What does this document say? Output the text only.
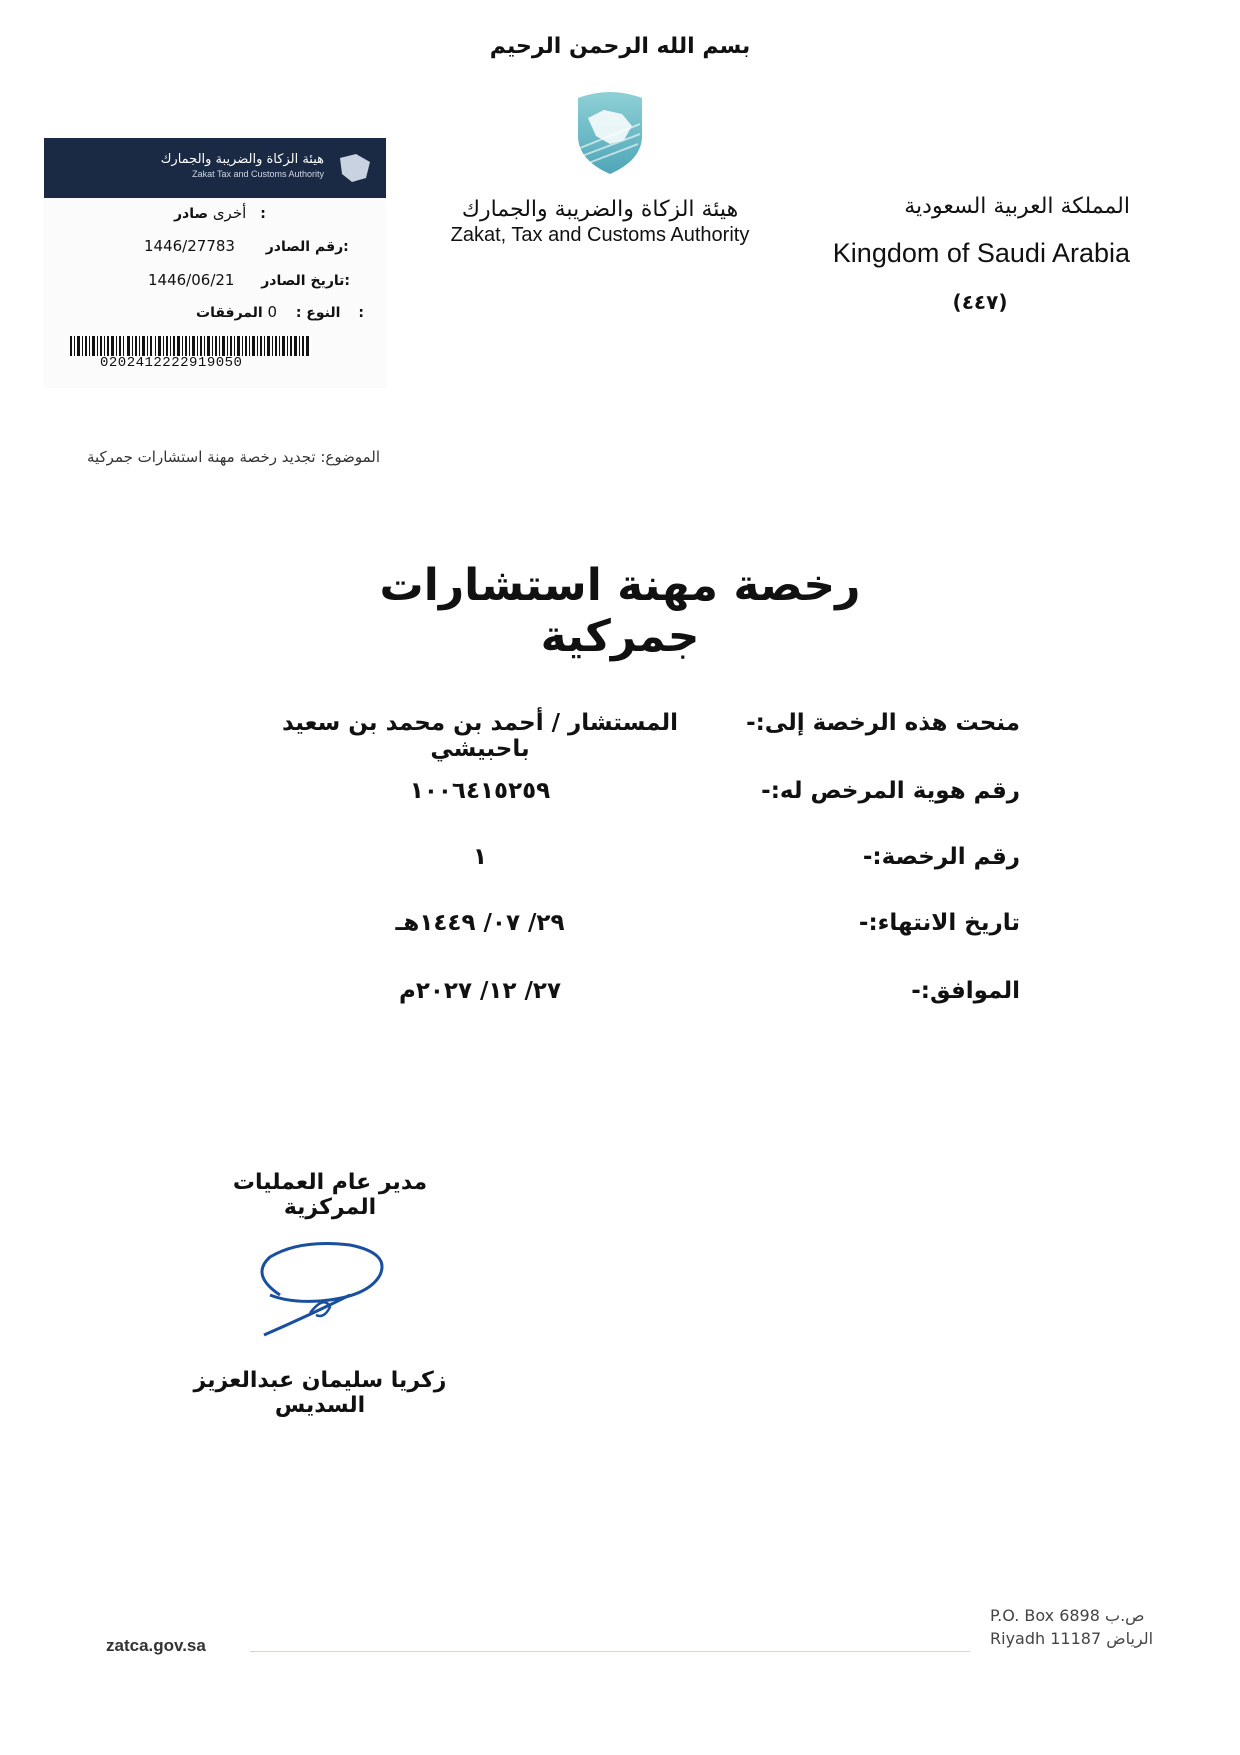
بسم الله الرحمن الرحيم
هيئة الزكاة والضريبة والجمارك
Zakat, Tax and Customs Authority
المملكة العربية السعودية
Kingdom of Saudi Arabia
(٤٤٧)
هيئة الزكاة والضريبة والجمارك
Zakat Tax and Customs Authority
أخرى صادر:
1446/27783 رقم الصادر:
1446/06/21 تاريخ الصادر:
النوع : 0 المرفقات:
0202412222919050
الموضوع: تجديد رخصة مهنة استشارات جمركية
رخصة مهنة استشارات جمركية
منحت هذه الرخصة إلى:-
المستشار / أحمد بن محمد بن سعيد باحبيشي
رقم هوية المرخص له:-
١٠٠٦٤١٥٢٥٩
رقم الرخصة:-
١
تاريخ الانتهاء:-
٢٩/ ٠٧/ ١٤٤٩هـ
الموافق:-
٢٧/ ١٢/ ٢٠٢٧م
مدير عام العمليات المركزية
زكريا سليمان عبدالعزيز السديس
zatca.gov.sa
P.O. Box 6898 ص.ب
Riyadh 11187 الرياض
